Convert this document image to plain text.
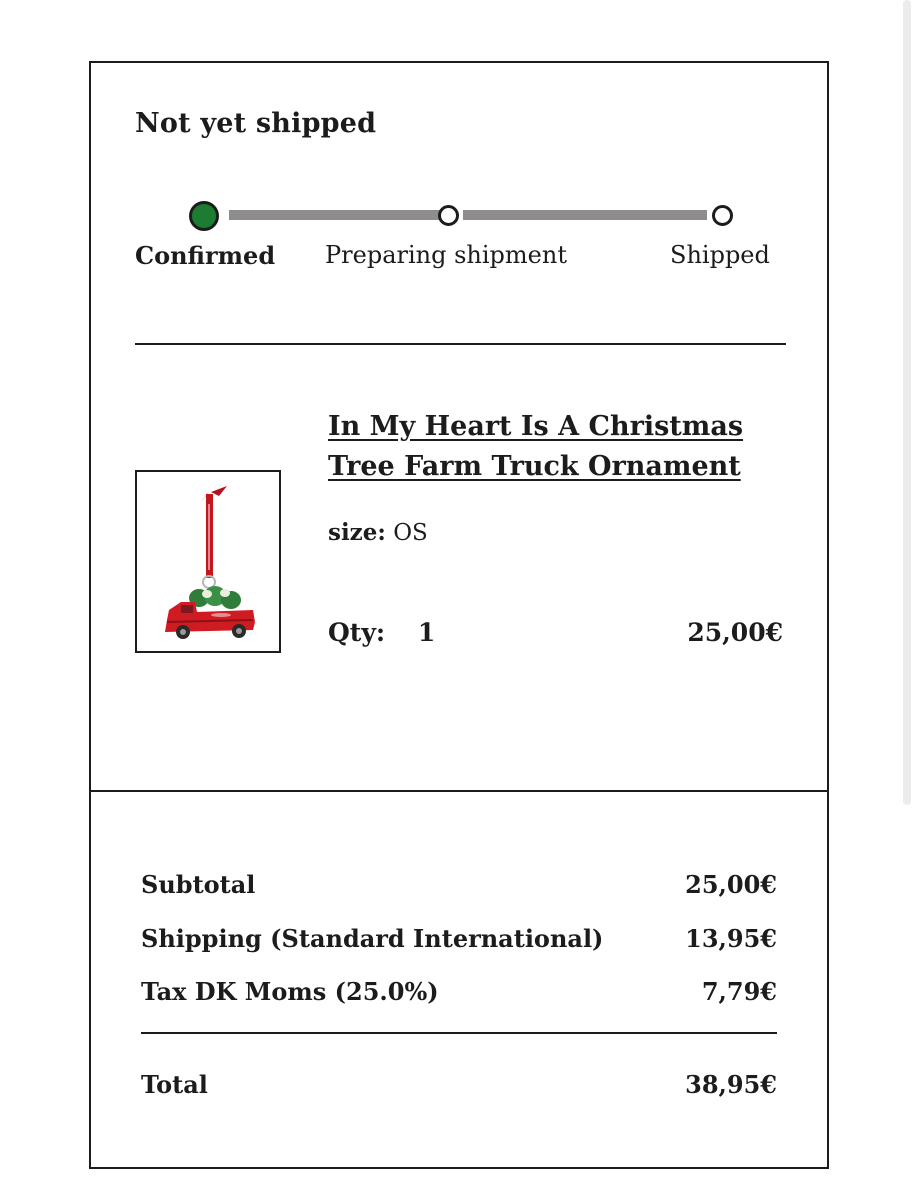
Not yet shipped
Confirmed Preparing shipment	Shipped
In My Heart Is A Christmas Tree Farm Truck Ornament
size: OS
Qty: 1	25,00€
Subtotal	25,00€
Shipping (Standard International)	13,95€
Tax DK Moms (25.0%)	7,79€
Total	38,95€
